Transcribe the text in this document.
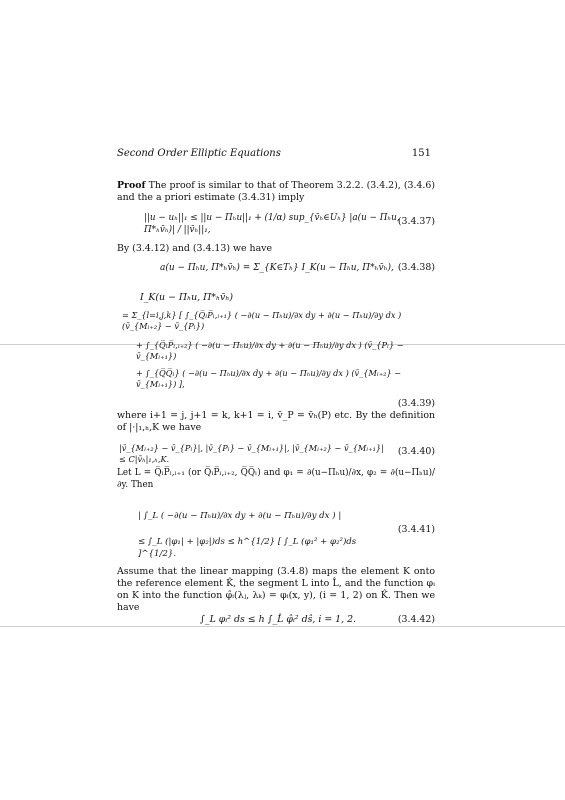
Second Order Elliptic Equations	151
Proof The proof is similar to that of Theorem 3.2.2. (3.4.2), (3.4.6) and the a priori estimate (3.4.31) imply
||u − uₕ||₁ ≤ ||u − Πₕu||₁ + (1/α) sup_{v̄ₕ∈Uₕ} |a(u − Πₕu, Π*ₕv̄ₕ)| / ||v̄ₕ||₁,
(3.4.37)
By (3.4.12) and (3.4.13) we have
a(u − Πₕu, Π*ₕv̄ₕ) = Σ_{K∈Tₕ} I_K(u − Πₕu, Π*ₕv̄ₕ), (3.4.38)
I_K(u − Πₕu, Π*ₕv̄ₕ)
= Σ_{l=i,j,k} [ ∫_{Q̅ₗP̅ₗ,ₗ₊₁} ( −∂(u − Πₕu)/∂x dy + ∂(u − Πₕu)/∂y dx ) (v̄_{Mₗ₊₂} − v̄_{Pₗ})
+ ∫_{Q̅ₗP̅ₗ,ₗ₊₂} ( −∂(u − Πₕu)/∂x dy + ∂(u − Πₕu)/∂y dx ) (v̄_{Pₗ} − v̄_{Mₗ₊₁})
+ ∫_{Q̅Q̅ₗ} ( −∂(u − Πₕu)/∂x dy + ∂(u − Πₕu)/∂y dx ) (v̄_{Mₗ₊₂} − v̄_{Mₗ₊₁}) ],
(3.4.39)
where i+1 = j, j+1 = k, k+1 = i, v̄_P = v̄ₕ(P) etc. By the definition of |·|₁,ₕ,K we have
|v̄_{Mₗ₊₂} − v̄_{Pₗ}|, |v̄_{Pₗ} − v̄_{Mₗ₊₁}|, |v̄_{Mₗ₊₂} − v̄_{Mₗ₊₁}| ≤ C|v̄ₕ|₁,ₕ,K.
(3.4.40)
Let L = Q̅ₗP̅ₗ,ₗ₊₁ (or Q̅ₗP̅ₗ,ₗ₊₂, Q̅Q̅ₗ) and φ₁ = ∂(u−Πₕu)/∂x, φ₂ = ∂(u−Πₕu)/∂y. Then
| ∫_L ( −∂(u − Πₕu)/∂x dy + ∂(u − Πₕu)/∂y dx ) |
≤ ∫_L (|φ₁| + |φ₂|)ds ≤ h^{1/2} [ ∫_L (φ₁² + φ₂²)ds ]^{1/2}.
(3.4.41)
Assume that the linear mapping (3.4.8) maps the element K onto the reference element K̂, the segment L into L̂, and the function φᵢ on K into the function φ̂ᵢ(λⱼ, λₖ) = φᵢ(x, y), (i = 1, 2) on K̂. Then we have
∫_L φᵢ² ds ≤ h ∫_L̂ φ̂ᵢ² dŝ, i = 1, 2.	(3.4.42)
